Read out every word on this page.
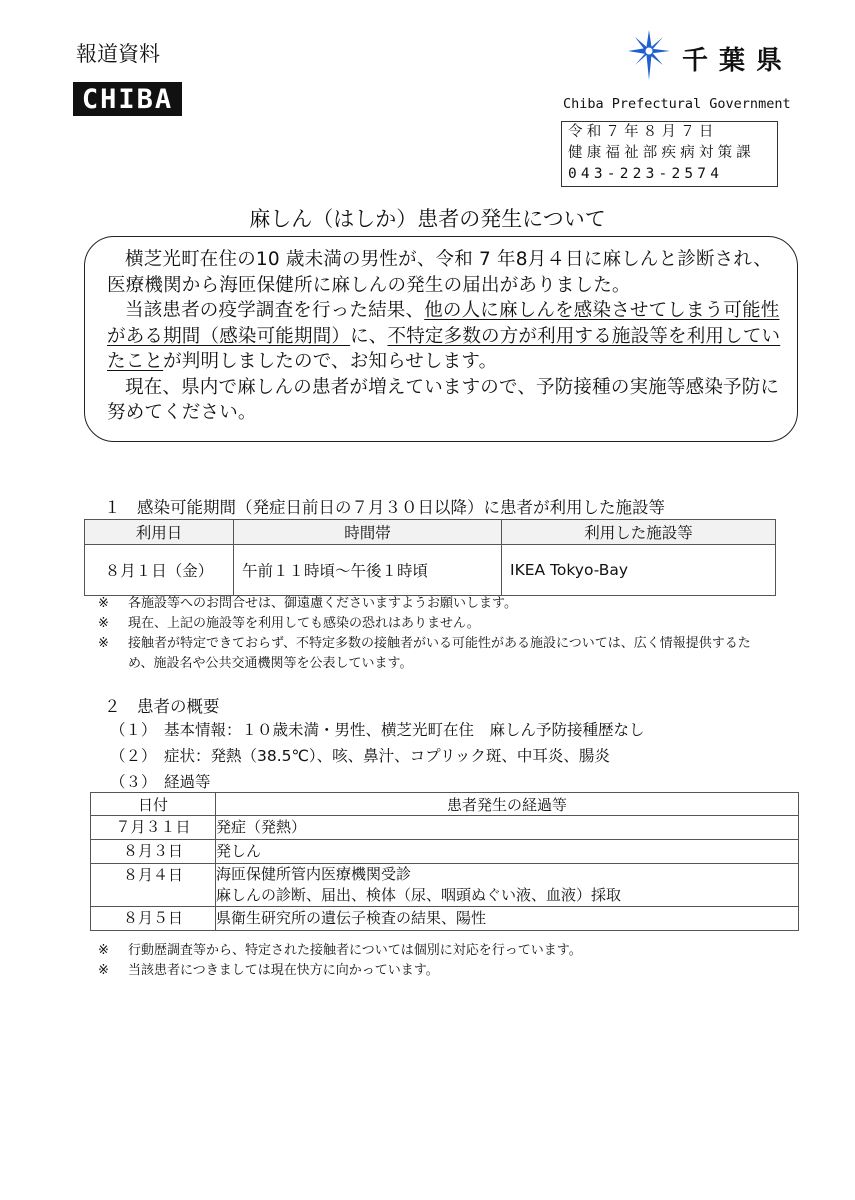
報道資料
CHIBA
千葉県
Chiba Prefectural Government
令和７年８月７日
健康福祉部疾病対策課
043-223-2574
麻しん（はしか）患者の発生について

横芝光町在住の10 歳未満の男性が、令和 7 年8月４日に麻しんと診断され、医療機関から海匝保健所に麻しんの発生の届出がありました。

当該患者の疫学調査を行った結果、他の人に麻しんを感染させてしまう可能性がある期間（感染可能期間）に、不特定多数の方が利用する施設等を利用していたことが判明しましたので、お知らせします。

現在、県内で麻しんの患者が増えていますので、予防接種の実施等感染予防に努めてください。

１　感染可能期間（発症日前日の７月３０日以降）に患者が利用した施設等
利用日	時間帯	利用した施設等
８月１日（金）	午前１１時頃～午後１時頃	IKEA Tokyo-Bay
※ 各施設等へのお問合せは、御遠慮くださいますようお願いします。
※ 現在、上記の施設等を利用しても感染の恐れはありません。
※ 接触者が特定できておらず、不特定多数の接触者がいる可能性がある施設については、広く情報提供するた
め、施設名や公共交通機関等を公表しています。
２　患者の概要
（１） 基本情報：１０歳未満・男性、横芝光町在住　麻しん予防接種歴なし
（２） 症状：発熱（38.5℃）、咳、鼻汁、コプリック斑、中耳炎、腸炎
（３） 経過等
日付	患者発生の経過等
７月３１日	発症（発熱）
８月３日	発しん
８月４日	海匝保健所管内医療機関受診
麻しんの診断、届出、検体（尿、咽頭ぬぐい液、血液）採取

８月５日	県衛生研究所の遺伝子検査の結果、陽性
※ 行動歴調査等から、特定された接触者については個別に対応を行っています。
※ 当該患者につきましては現在快方に向かっています。
